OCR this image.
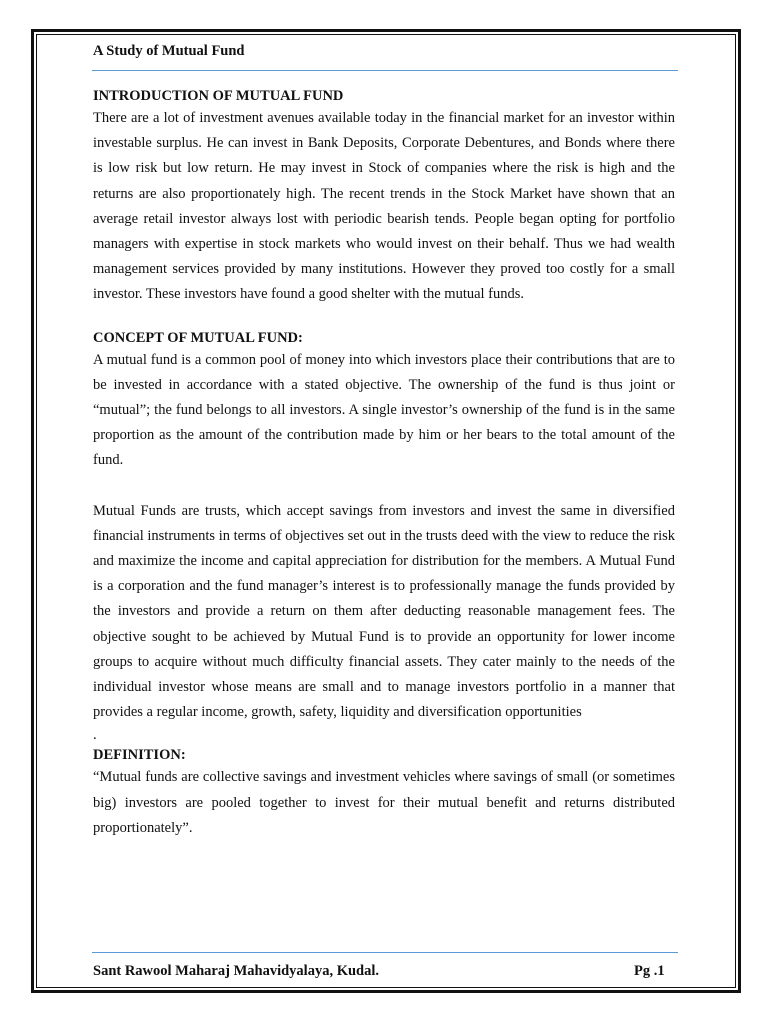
A Study of Mutual Fund

INTRODUCTION OF MUTUAL FUND

There are a lot of investment avenues available today in the financial market for an investor within investable surplus. He can invest in Bank Deposits, Corporate Debentures, and Bonds where there is low risk but low return. He may invest in Stock of companies where the risk is high and the returns are also proportionately high. The recent trends in the Stock Market have shown that an average retail investor always lost with periodic bearish tends. People began opting for portfolio managers with expertise in stock markets who would invest on their behalf. Thus we had wealth management services provided by many institutions. However they proved too costly for a small investor. These investors have found a good shelter with the mutual funds.

CONCEPT OF MUTUAL FUND:

A mutual fund is a common pool of money into which investors place their contributions that are to be invested in accordance with a stated objective. The ownership of the fund is thus joint or “mutual”; the fund belongs to all investors. A single investor’s ownership of the fund is in the same proportion as the amount of the contribution made by him or her bears to the total amount of the fund.

Mutual Funds are trusts, which accept savings from investors and invest the same in diversified financial instruments in terms of objectives set out in the trusts deed with the view to reduce the risk and maximize the income and capital appreciation for distribution for the members. A Mutual Fund is a corporation and the fund manager’s interest is to professionally manage the funds provided by the investors and provide a return on them after deducting reasonable management fees. The objective sought to be achieved by Mutual Fund is to provide an opportunity for lower income groups to acquire without much difficulty financial assets. They cater mainly to the needs of the individual investor whose means are small and to manage investors portfolio in a manner that provides a regular income, growth, safety, liquidity and diversification opportunities

.

DEFINITION:

“Mutual funds are collective savings and investment vehicles where savings of small (or sometimes big) investors are pooled together to invest for their mutual benefit and returns distributed proportionately”.

Sant Rawool Maharaj Mahavidyalaya, Kudal.	Pg .1
